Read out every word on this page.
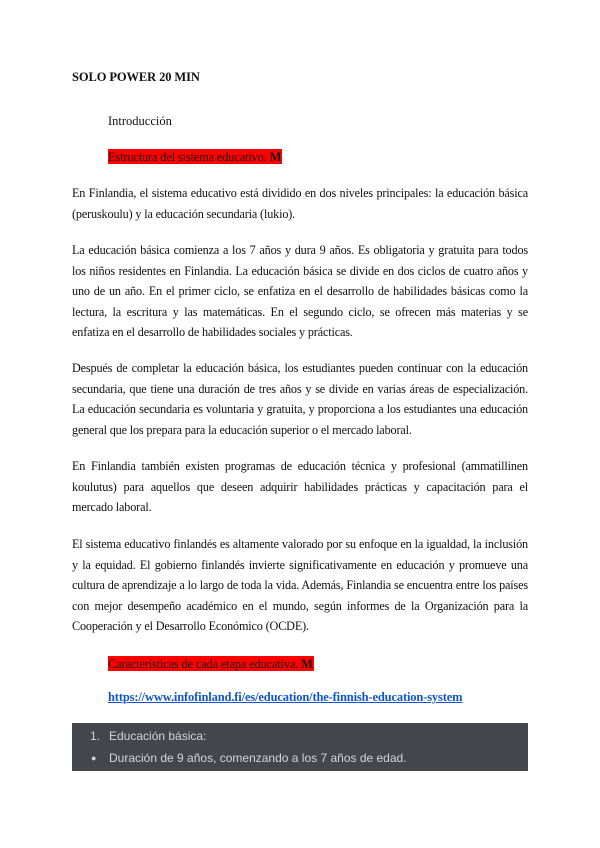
SOLO POWER 20 MIN
Introducción
Estructura del sistema educativo. M

En Finlandia, el sistema educativo está dividido en dos niveles principales: la educación básica (peruskoulu) y la educación secundaria (lukio).

La educación básica comienza a los 7 años y dura 9 años. Es obligatoria y gratuita para todos los niños residentes en Finlandia. La educación básica se divide en dos ciclos de cuatro años y uno de un año. En el primer ciclo, se enfatiza en el desarrollo de habilidades básicas como la lectura, la escritura y las matemáticas. En el segundo ciclo, se ofrecen más materias y se enfatiza en el desarrollo de habilidades sociales y prácticas.

Después de completar la educación básica, los estudiantes pueden continuar con la educación secundaria, que tiene una duración de tres años y se divide en varias áreas de especialización. La educación secundaria es voluntaria y gratuita, y proporciona a los estudiantes una educación general que los prepara para la educación superior o el mercado laboral.

En Finlandia también existen programas de educación técnica y profesional (ammatillinen koulutus) para aquellos que deseen adquirir habilidades prácticas y capacitación para el mercado laboral.

El sistema educativo finlandés es altamente valorado por su enfoque en la igualdad, la inclusión y la equidad. El gobierno finlandés invierte significativamente en educación y promueve una cultura de aprendizaje a lo largo de toda la vida. Además, Finlandia se encuentra entre los países con mejor desempeño académico en el mundo, según informes de la Organización para la Cooperación y el Desarrollo Económico (OCDE).

Características de cada etapa educativa. M
https://www.infofinland.fi/es/education/the-finnish-education-system
1. Educación básica:
●	Duración de 9 años, comenzando a los 7 años de edad.
